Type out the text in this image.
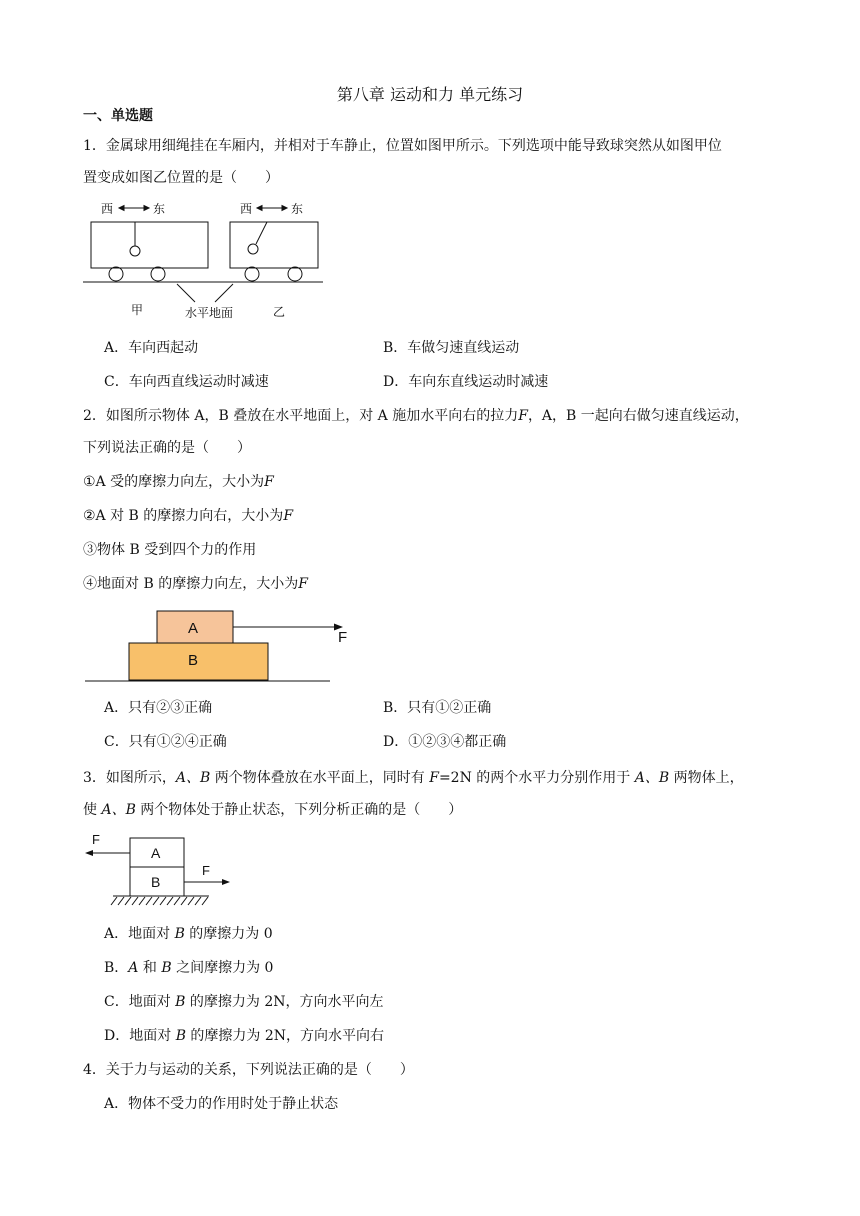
第八章 运动和力 单元练习
一、单选题
1．金属球用细绳挂在车厢内，并相对于车静止，位置如图甲所示。下列选项中能导致球突然从如图甲位
置变成如图乙位置的是（　　）
西	东	西	东
甲	水平地面	乙
A．车向西起动	B．车做匀速直线运动
C．车向西直线运动时减速	D．车向东直线运动时减速
2．如图所示物体 A，B 叠放在水平地面上，对 A 施加水平向右的拉力F，A，B 一起向右做匀速直线运动，
下列说法正确的是（　　）
①A 受的摩擦力向左，大小为F
②A 对 B 的摩擦力向右，大小为F
③物体 B 受到四个力的作用
④地面对 B 的摩擦力向左，大小为F
A
B
F
A．只有②③正确	B．只有①②正确
C．只有①②④正确	D．①②③④都正确
3．如图所示，A、B 两个物体叠放在水平面上，同时有 F=2N 的两个水平力分别作用于 A、B 两物体上，
使 A、B 两个物体处于静止状态，下列分析正确的是（　　）
A
B
F
F
A．地面对 B 的摩擦力为 0
B．A 和 B 之间摩擦力为 0
C．地面对 B 的摩擦力为 2N，方向水平向左
D．地面对 B 的摩擦力为 2N，方向水平向右
4．关于力与运动的关系，下列说法正确的是（　　）
A．物体不受力的作用时处于静止状态
